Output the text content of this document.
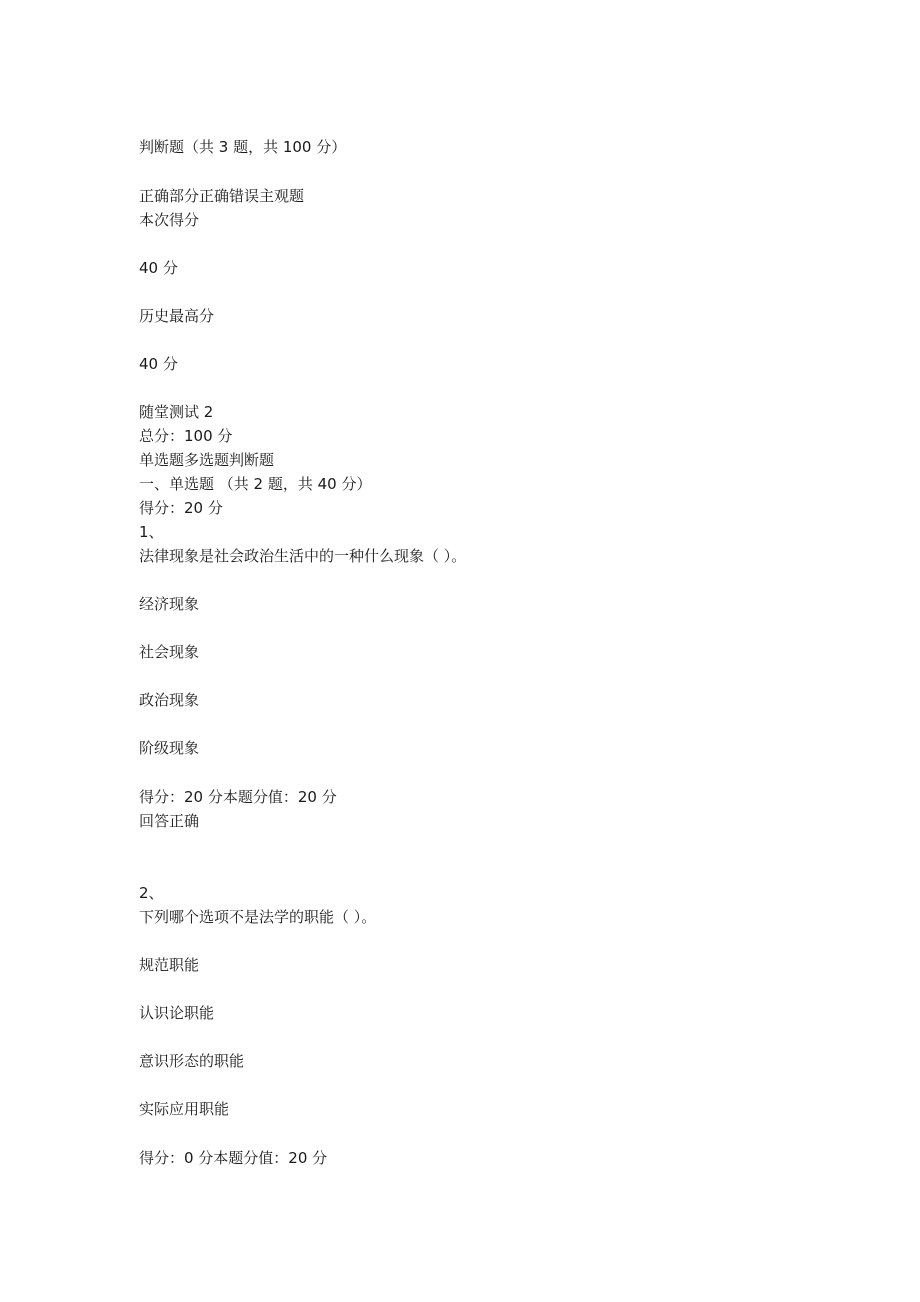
判断题（共 3 题，共 100 分）
正确部分正确错误主观题
本次得分
40 分
历史最高分
40 分
随堂测试 2
总分：100 分
单选题多选题判断题
一、单选题 （共 2 题，共 40 分）
得分：20 分
1、
法律现象是社会政治生活中的一种什么现象（ ）。
经济现象
社会现象
政治现象
阶级现象
得分：20 分本题分值：20 分
回答正确
2、
下列哪个选项不是法学的职能（ ）。
规范职能
认识论职能
意识形态的职能
实际应用职能
得分：0 分本题分值：20 分
